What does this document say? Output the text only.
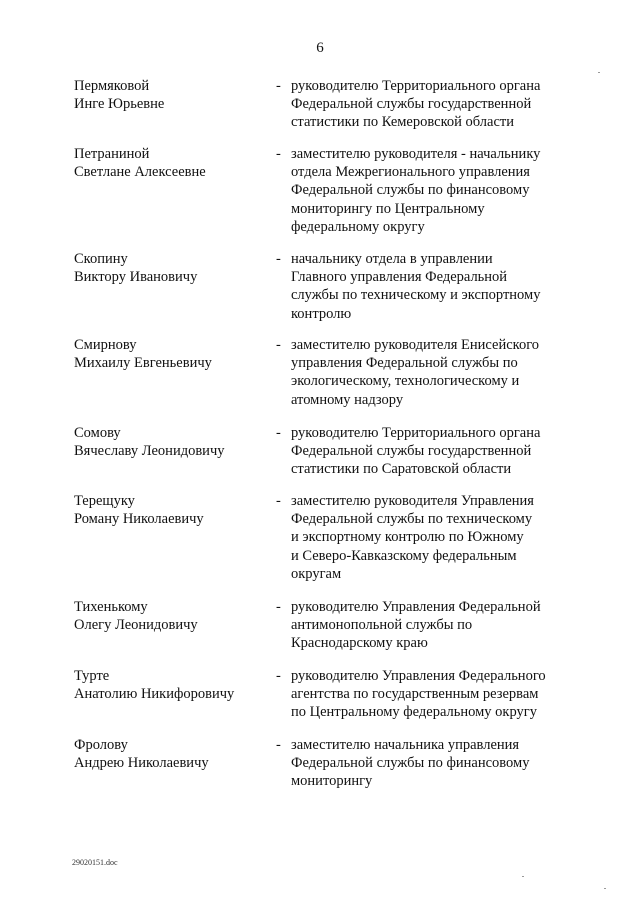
6
Пермяковой
Инге Юрьевне
- руководителю Территориального органа
Федеральной службы государственной
статистики по Кемеровской области
Петраниной
Светлане Алексеевне
- заместителю руководителя - начальнику
отдела Межрегионального управления
Федеральной службы по финансовому
мониторингу по Центральному
федеральному округу
Скопину
Виктору Ивановичу
- начальнику отдела в управлении
Главного управления Федеральной
службы по техническому и экспортному
контролю
Смирнову
Михаилу Евгеньевичу
- заместителю руководителя Енисейского
управления Федеральной службы по
экологическому, технологическому и
атомному надзору
Сомову
Вячеславу Леонидовичу
- руководителю Территориального органа
Федеральной службы государственной
статистики по Саратовской области
Терещуку
Роману Николаевичу
- заместителю руководителя Управления
Федеральной службы по техническому
и экспортному контролю по Южному
и Северо-Кавказскому федеральным
округам
Тихенькому
Олегу Леонидовичу
- руководителю Управления Федеральной
антимонопольной службы по
Краснодарскому краю
Турте
Анатолию Никифоровичу
- руководителю Управления Федерального
агентства по государственным резервам
по Центральному федеральному округу
Фролову
Андрею Николаевичу
- заместителю начальника управления
Федеральной службы по финансовому
мониторингу
29020151.doc
